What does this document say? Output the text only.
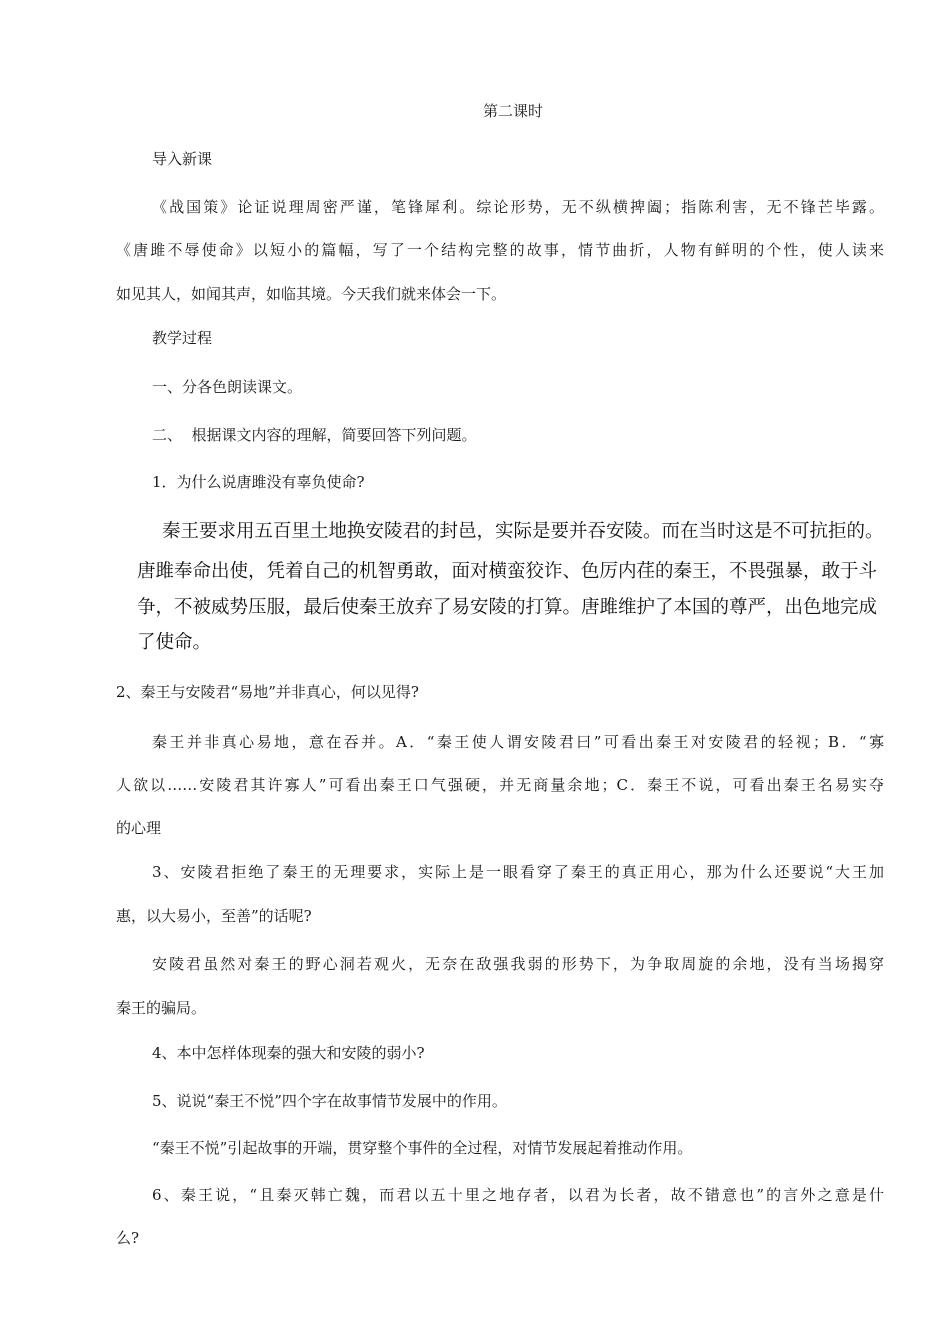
第二课时
导入新课
《战国策》论证说理周密严谨，笔锋犀利。综论形势，无不纵横捭阖；指陈利害，无不锋芒毕露。
《唐雎不辱使命》以短小的篇幅，写了一个结构完整的故事，情节曲折，人物有鲜明的个性，使人读来
如见其人，如闻其声，如临其境。今天我们就来体会一下。
教学过程
一、分各色朗读课文。
二、  根据课文内容的理解，简要回答下列问题。
1．为什么说唐雎没有辜负使命?
秦王要求用五百里土地换安陵君的封邑，实际是要并吞安陵。而在当时这是不可抗拒的。
唐雎奉命出使，凭着自己的机智勇敢，面对横蛮狡诈、色厉内荏的秦王，不畏强暴，敢于斗
争，不被威势压服，最后使秦王放弃了易安陵的打算。唐雎维护了本国的尊严，出色地完成
了使命。
2、秦王与安陵君“易地”并非真心，何以见得?
秦王并非真心易地，意在吞并。A．“秦王使人谓安陵君曰”可看出秦王对安陵君的轻视；B．“寡
人欲以……安陵君其许寡人”可看出秦王口气强硬，并无商量余地；C．秦王不说，可看出秦王名易实夺
的心理
3、安陵君拒绝了秦王的无理要求，实际上是一眼看穿了秦王的真正用心，那为什么还要说“大王加
惠，以大易小，至善”的话呢?
安陵君虽然对秦王的野心洞若观火，无奈在敌强我弱的形势下，为争取周旋的余地，没有当场揭穿
秦王的骗局。
4、本中怎样体现秦的强大和安陵的弱小?
5、说说“秦王不悦”四个字在故事情节发展中的作用。
“秦王不悦”引起故事的开端，贯穿整个事件的全过程，对情节发展起着推动作用。
6、秦王说，“且秦灭韩亡魏，而君以五十里之地存者，以君为长者，故不错意也”的言外之意是什
么?
